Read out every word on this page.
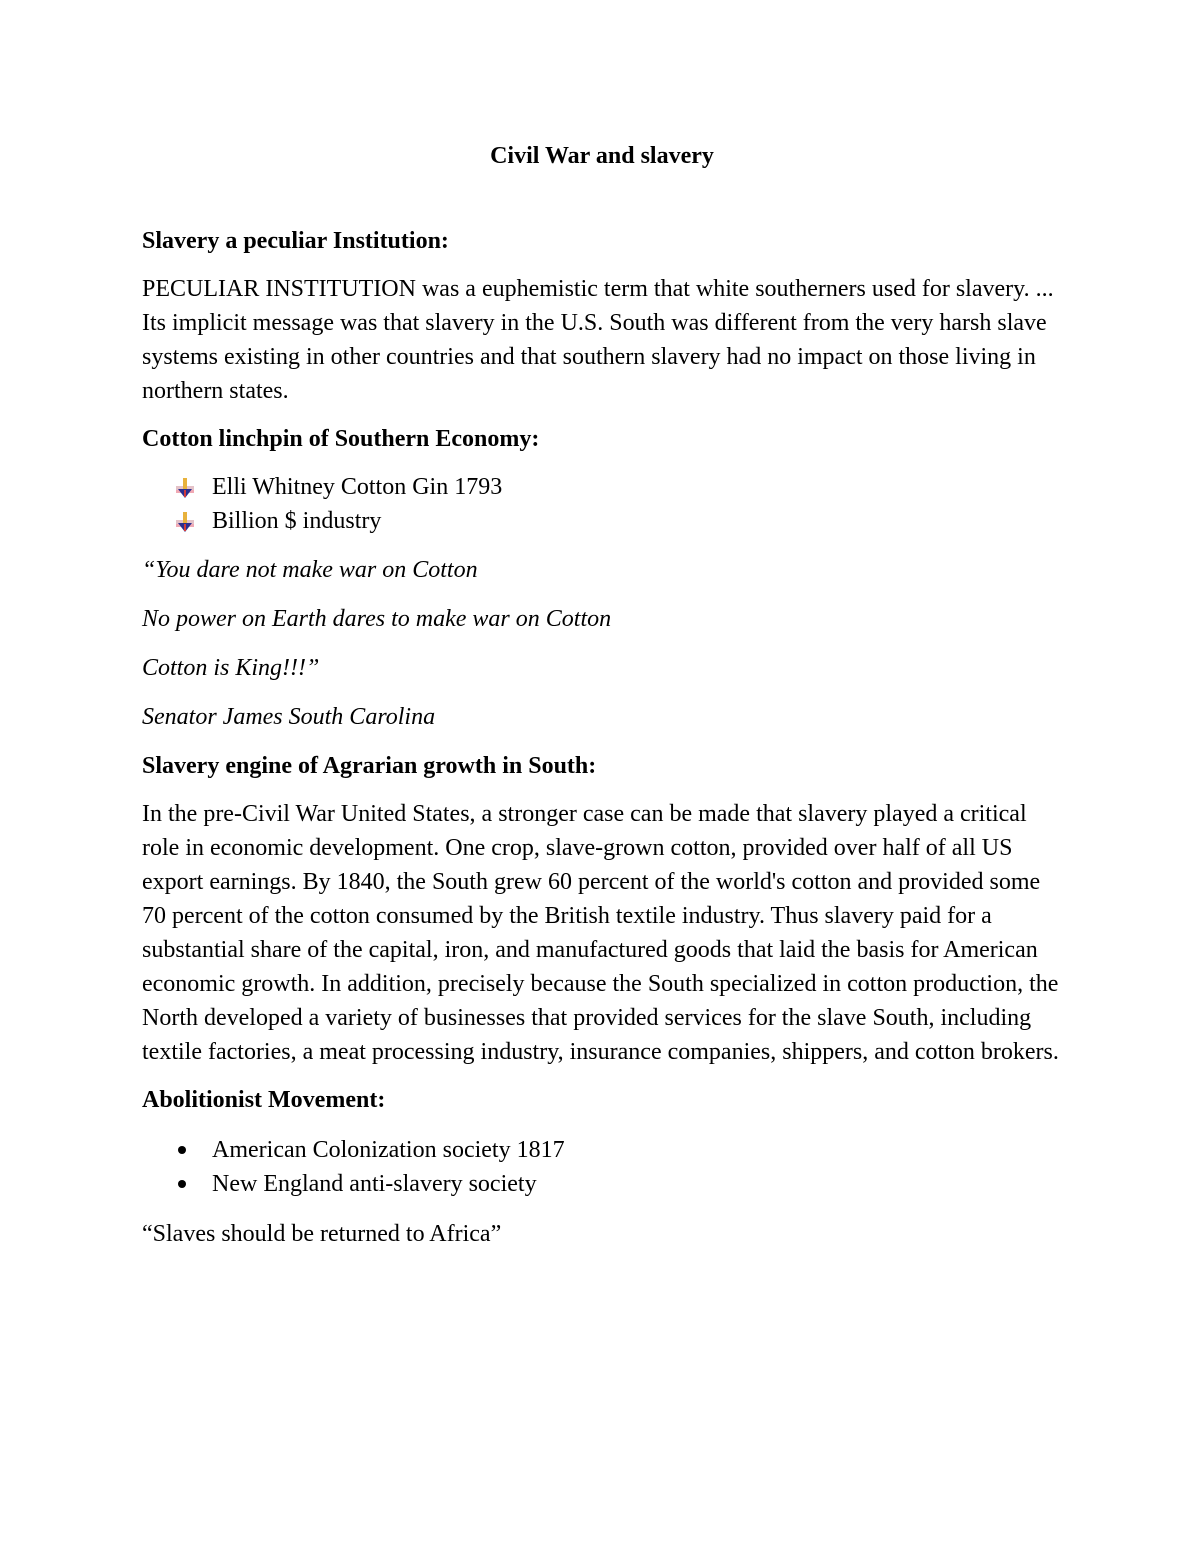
Civil War and slavery

Slavery a peculiar Institution:

PECULIAR INSTITUTION was a euphemistic term that white southerners used for slavery. ... Its implicit message was that slavery in the U.S. South was different from the very harsh slave systems existing in other countries and that southern slavery had no impact on those living in northern states.

Cotton linchpin of Southern Economy:

Elli Whitney Cotton Gin 1793
Billion $ industry

“You dare not make war on Cotton

No power on Earth dares to make war on Cotton

Cotton is King!!!”

Senator James South Carolina

Slavery engine of Agrarian growth in South:

In the pre-Civil War United States, a stronger case can be made that slavery played a critical role in economic development. One crop, slave-grown cotton, provided over half of all US export earnings. By 1840, the South grew 60 percent of the world's cotton and provided some 70 percent of the cotton consumed by the British textile industry. Thus slavery paid for a substantial share of the capital, iron, and manufactured goods that laid the basis for American economic growth. In addition, precisely because the South specialized in cotton production, the North developed a variety of businesses that provided services for the slave South, including textile factories, a meat processing industry, insurance companies, shippers, and cotton brokers.

Abolitionist Movement:

American Colonization society 1817
New England anti-slavery society

“Slaves should be returned to Africa”
